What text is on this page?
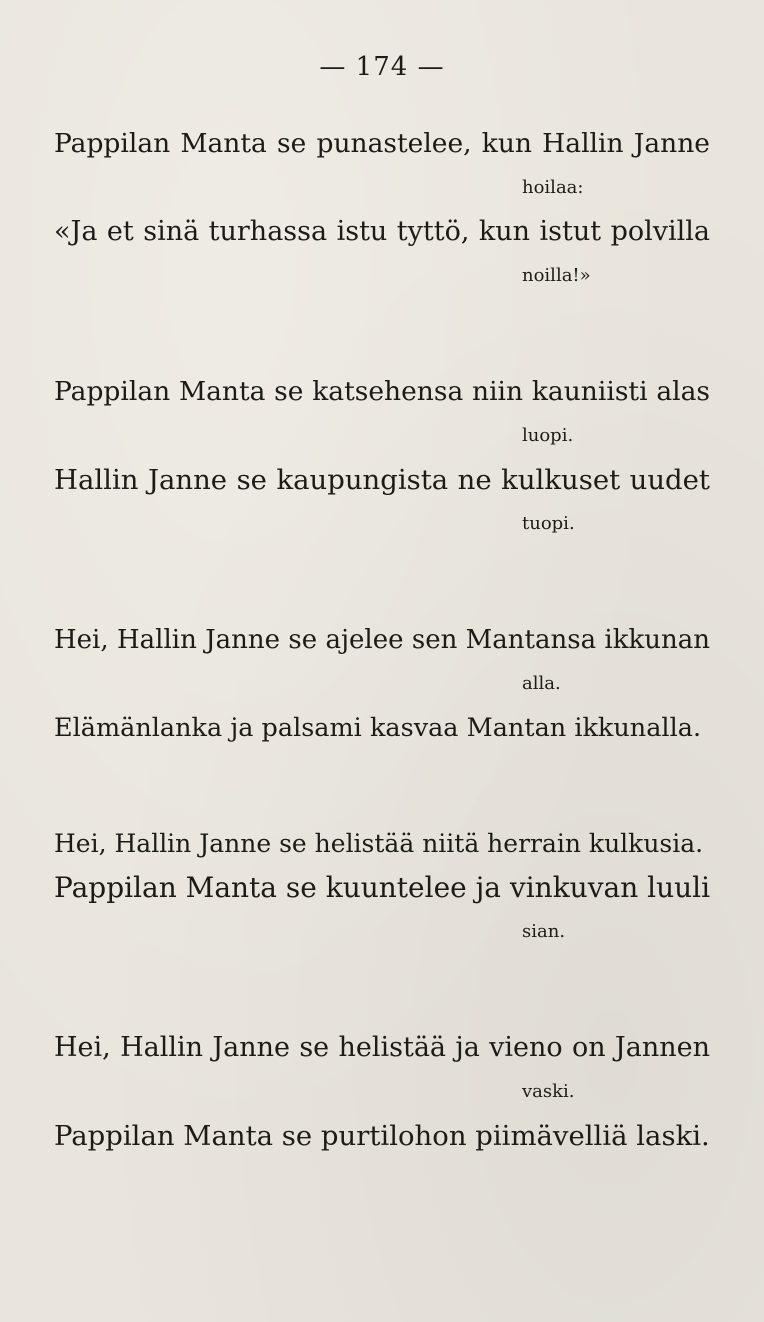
— 174 —
Pappilan Manta se punastelee, kun Hallin Janne
hoilaa:
«Ja et sinä turhassa istu tyttö, kun istut polvilla
noilla!»
Pappilan Manta se katsehensa niin kauniisti alas
luopi.
Hallin Janne se kaupungista ne kulkuset uudet
tuopi.
Hei, Hallin Janne se ajelee sen Mantansa ikkunan
alla.
Elämänlanka ja palsami kasvaa Mantan ikkunalla.
Hei, Hallin Janne se helistää niitä herrain kulkusia.
Pappilan Manta se kuuntelee ja vinkuvan luuli
sian.
Hei, Hallin Janne se helistää ja vieno on Jannen
vaski.
Pappilan Manta se purtilohon piimävelliä laski.
